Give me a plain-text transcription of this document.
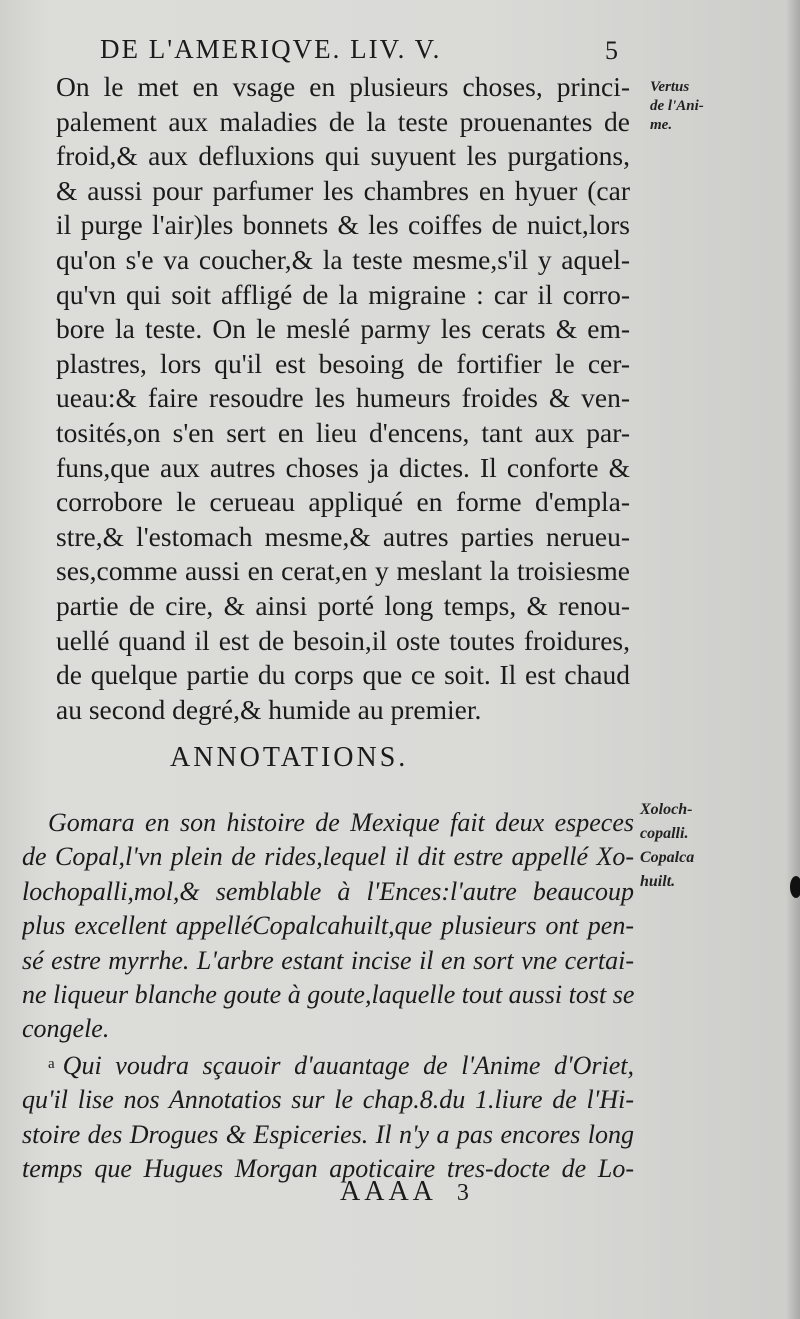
DE L'AMERIQVE. LIV. V.	5
On le met en vsage en plusieurs choses, princi-
palement aux maladies de la teste prouenantes de
froid,& aux defluxions qui suyuent les purgations,
& aussi pour parfumer les chambres en hyuer (car
il purge l'air)les bonnets & les coiffes de nuict,lors
qu'on s'e va coucher,& la teste mesme,s'il y aquel-
qu'vn qui soit affligé de la migraine : car il corro-
bore la teste. On le meslé parmy les cerats & em-
plastres, lors qu'il est besoing de fortifier le cer-
ueau:& faire resoudre les humeurs froides & ven-
tosités,on s'en sert en lieu d'encens, tant aux par-
funs,que aux autres choses ja dictes. Il conforte &
corrobore le cerueau appliqué en forme d'empla-
stre,& l'estomach mesme,& autres parties nerueu-
ses,comme aussi en cerat,en y meslant la troisiesme
partie de cire, & ainsi porté long temps, & renou-
uellé quand il est de besoin,il oste toutes froidures,
de quelque partie du corps que ce soit. Il est chaud
au second degré,& humide au premier.
Vertus
de l'Ani-
me.
ANNOTATIONS.
Xoloch-
copalli.
Copalca
huilt.
Gomara en son histoire de Mexique fait deux especes
de Copal,l'vn plein de rides,lequel il dit estre appellé Xo-
lochopalli,mol,& semblable à l'Ences:l'autre beaucoup
plus excellent appelléCopalcahuilt,que plusieurs ont pen-
sé estre myrrhe. L'arbre estant incise il en sort vne certai-
ne liqueur blanche goute à goute,laquelle tout aussi tost se
congele.
$^a$ Qui voudra sçauoir d'auantage de l'Anime d'Oriet,
qu'il lise nos Annotatios sur le chap.8.du 1.liure de l'Hi-
stoire des Drogues & Espiceries. Il n'y a pas encores long
temps que Hugues Morgan apoticaire tres-docte de Lo-
AAAA 3
